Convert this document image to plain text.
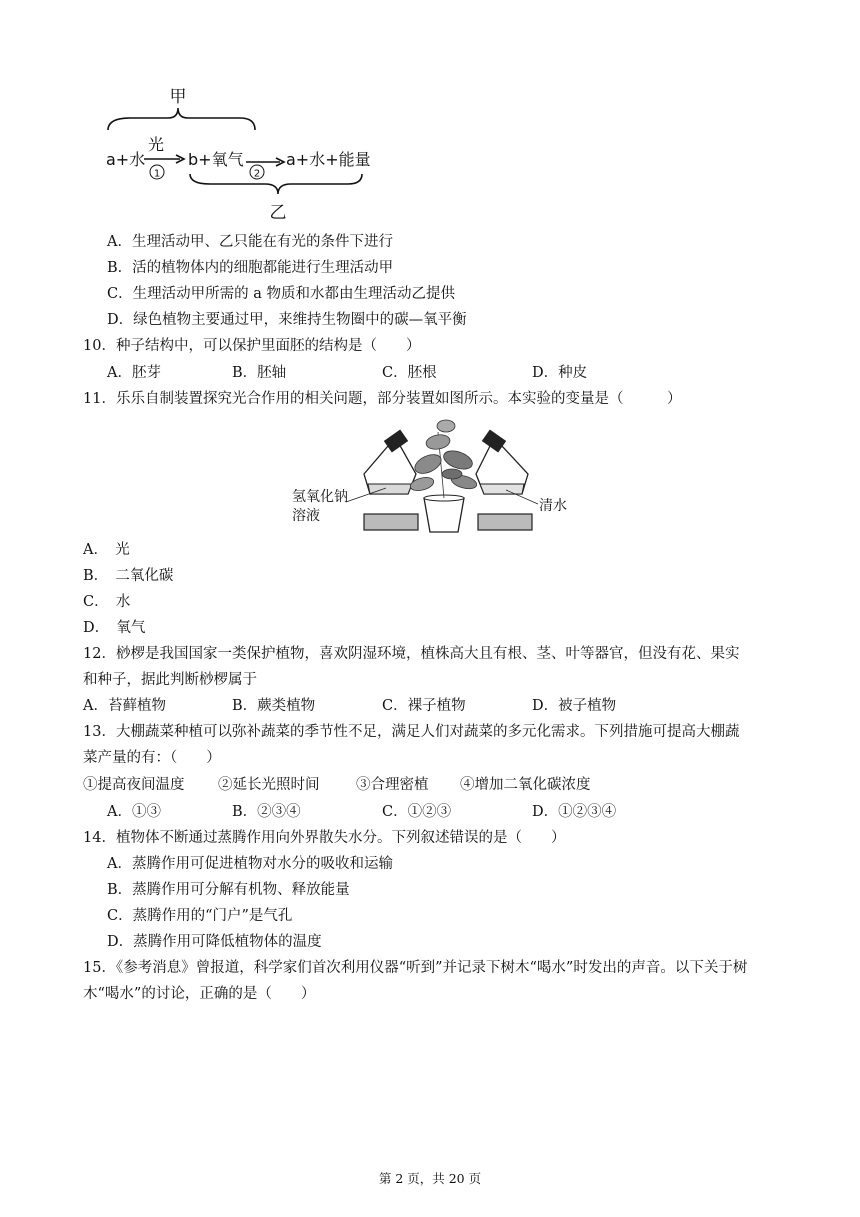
甲
a+水
光
1
b+氧气
2
a+水+能量
乙
A．生理活动甲、乙只能在有光的条件下进行
B．活的植物体内的细胞都能进行生理活动甲
C．生理活动甲所需的 a 物质和水都由生理活动乙提供
D．绿色植物主要通过甲，来维持生物圈中的碳—氧平衡
10．种子结构中，可以保护里面胚的结构是（　　）
A．胚芽	B．胚轴	C．胚根	D．种皮
11．乐乐自制装置探究光合作用的相关问题，部分装置如图所示。本实验的变量是（　　　）
氢氧化钠
溶液
清水
A．　光
B．　二氧化碳
C．　水
D．　氧气
12．桫椤是我国国家一类保护植物，喜欢阴湿环境，植株高大且有根、茎、叶等器官，但没有花、果实
和种子，据此判断桫椤属于
A．苔藓植物	B．蕨类植物	C．裸子植物	D．被子植物
13．大棚蔬菜种植可以弥补蔬菜的季节性不足，满足人们对蔬菜的多元化需求。下列措施可提高大棚蔬
菜产量的有：（　　）
①提高夜间温度 ②延长光照时间	③合理密植 ④增加二氧化碳浓度
A．①③	B．②③④	C．①②③	D．①②③④
14．植物体不断通过蒸腾作用向外界散失水分。下列叙述错误的是（　　）
A．蒸腾作用可促进植物对水分的吸收和运输
B．蒸腾作用可分解有机物、释放能量
C．蒸腾作用的“门户”是气孔
D．蒸腾作用可降低植物体的温度
15．《参考消息》曾报道，科学家们首次利用仪器“听到”并记录下树木“喝水”时发出的声音。以下关于树
木“喝水”的讨论，正确的是（　　）
第 2 页，共 20 页
